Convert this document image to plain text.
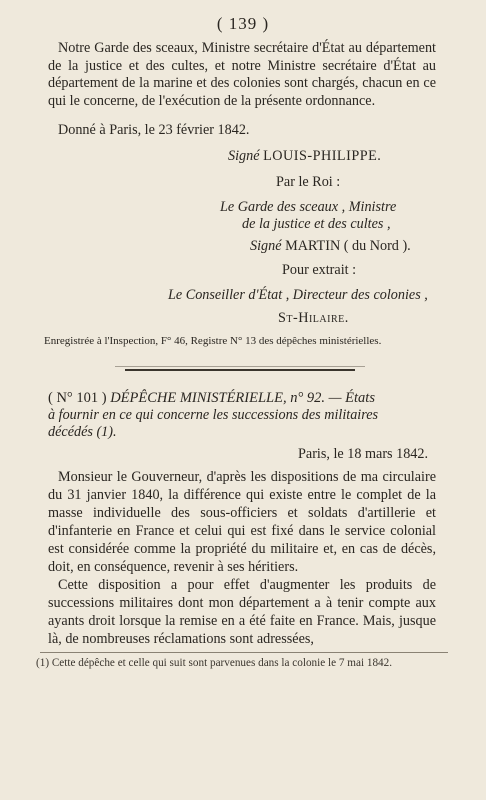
( 139 )
Notre Garde des sceaux, Ministre secrétaire d'État au département de la justice et des cultes, et notre Ministre secrétaire d'État au département de la marine et des colonies sont chargés, chacun en ce qui le concerne, de l'exécution de la présente ordonnance.
Donné à Paris, le 23 février 1842.
Signé LOUIS-PHILIPPE.
Par le Roi :
Le Garde des sceaux , Ministre
de la justice et des cultes ,
Signé MARTIN ( du Nord ).
Pour extrait :
Le Conseiller d'État , Directeur des colonies ,
St-Hilaire.
Enregistrée à l'Inspection, F° 46, Registre N° 13 des dépêches ministérielles.
( N° 101 ) DÉPÊCHE MINISTÉRIELLE, n° 92. — États
à fournir en ce qui concerne les successions des militaires
décédés (1).
Paris, le 18 mars 1842.
Monsieur le Gouverneur, d'après les dispositions de ma circulaire du 31 janvier 1840, la différence qui existe entre le complet de la masse individuelle des sous-officiers et soldats d'artillerie et d'infanterie en France et celui qui est fixé dans le service colonial est considérée comme la propriété du militaire et, en cas de décès, doit, en conséquence, revenir à ses héritiers.
Cette disposition a pour effet d'augmenter les produits de successions militaires dont mon département a à tenir compte aux ayants droit lorsque la remise en a été faite en France. Mais, jusque là, de nombreuses réclamations sont adressées,
(1) Cette dépêche et celle qui suit sont parvenues dans la colonie le 7 mai 1842.
